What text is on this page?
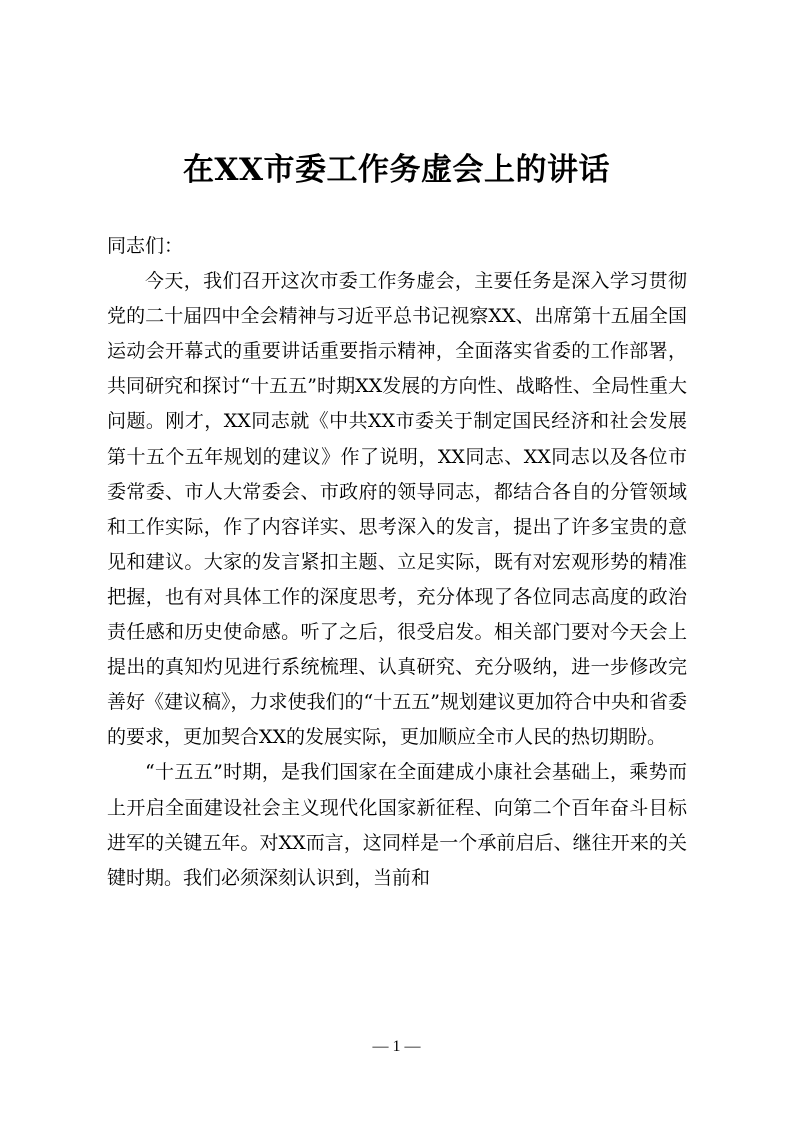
在XX市委工作务虚会上的讲话

同志们：

今天，我们召开这次市委工作务虚会，主要任务是深入学习贯彻党的二十届四中全会精神与习近平总书记视察XX、出席第十五届全国运动会开幕式的重要讲话重要指示精神，全面落实省委的工作部署，共同研究和探讨“十五五”时期XX发展的方向性、战略性、全局性重大问题。刚才，XX同志就《中共XX市委关于制定国民经济和社会发展第十五个五年规划的建议》作了说明，XX同志、XX同志以及各位市委常委、市人大常委会、市政府的领导同志，都结合各自的分管领域和工作实际，作了内容详实、思考深入的发言，提出了许多宝贵的意见和建议。大家的发言紧扣主题、立足实际，既有对宏观形势的精准把握，也有对具体工作的深度思考，充分体现了各位同志高度的政治责任感和历史使命感。听了之后，很受启发。相关部门要对今天会上提出的真知灼见进行系统梳理、认真研究、充分吸纳，进一步修改完善好《建议稿》，力求使我们的“十五五”规划建议更加符合中央和省委的要求，更加契合XX的发展实际，更加顺应全市人民的热切期盼。

“十五五”时期，是我们国家在全面建成小康社会基础上，乘势而上开启全面建设社会主义现代化国家新征程、向第二个百年奋斗目标进军的关键五年。对XX而言，这同样是一个承前启后、继往开来的关键时期。我们必须深刻认识到，当前和

— 1 —
